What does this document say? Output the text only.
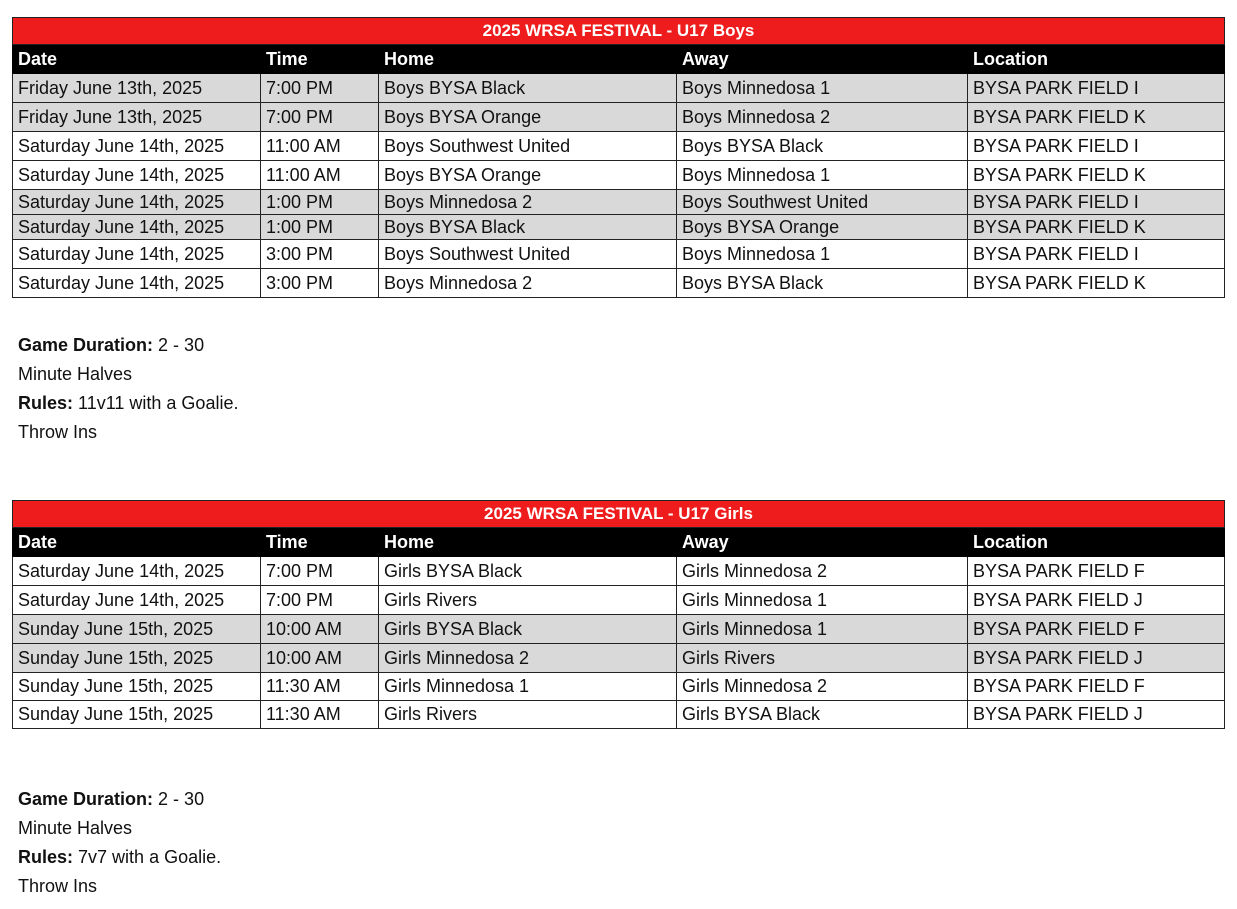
2025 WRSA FESTIVAL - U17 Boys				
Date	Time	Home	Away	Location
Friday June 13th, 2025	7:00 PM	Boys BYSA Black	Boys Minnedosa 1	BYSA PARK FIELD I
Friday June 13th, 2025	7:00 PM	Boys BYSA Orange	Boys Minnedosa 2	BYSA PARK FIELD K
Saturday June 14th, 2025	11:00 AM	Boys Southwest United	Boys BYSA Black	BYSA PARK FIELD I
Saturday June 14th, 2025	11:00 AM	Boys BYSA Orange	Boys Minnedosa 1	BYSA PARK FIELD K
Saturday June 14th, 2025	1:00 PM	Boys Minnedosa 2	Boys Southwest United	BYSA PARK FIELD I
Saturday June 14th, 2025	1:00 PM	Boys BYSA Black	Boys BYSA Orange	BYSA PARK FIELD K
Saturday June 14th, 2025	3:00 PM	Boys Southwest United	Boys Minnedosa 1	BYSA PARK FIELD I
Saturday June 14th, 2025	3:00 PM	Boys Minnedosa 2	Boys BYSA Black	BYSA PARK FIELD K
Game Duration: 2 - 30
Minute Halves
Rules: 11v11 with a Goalie.
Throw Ins
2025 WRSA FESTIVAL - U17 Girls				
Date	Time	Home	Away	Location
Saturday June 14th, 2025	7:00 PM	Girls BYSA Black	Girls Minnedosa 2	BYSA PARK FIELD F
Saturday June 14th, 2025	7:00 PM	Girls Rivers	Girls Minnedosa 1	BYSA PARK FIELD J
Sunday June 15th, 2025	10:00 AM	Girls BYSA Black	Girls Minnedosa 1	BYSA PARK FIELD F
Sunday June 15th, 2025	10:00 AM	Girls Minnedosa 2	Girls Rivers	BYSA PARK FIELD J
Sunday June 15th, 2025	11:30 AM	Girls Minnedosa 1	Girls Minnedosa 2	BYSA PARK FIELD F
Sunday June 15th, 2025	11:30 AM	Girls Rivers	Girls BYSA Black	BYSA PARK FIELD J
Game Duration: 2 - 30
Minute Halves
Rules: 7v7 with a Goalie.
Throw Ins
